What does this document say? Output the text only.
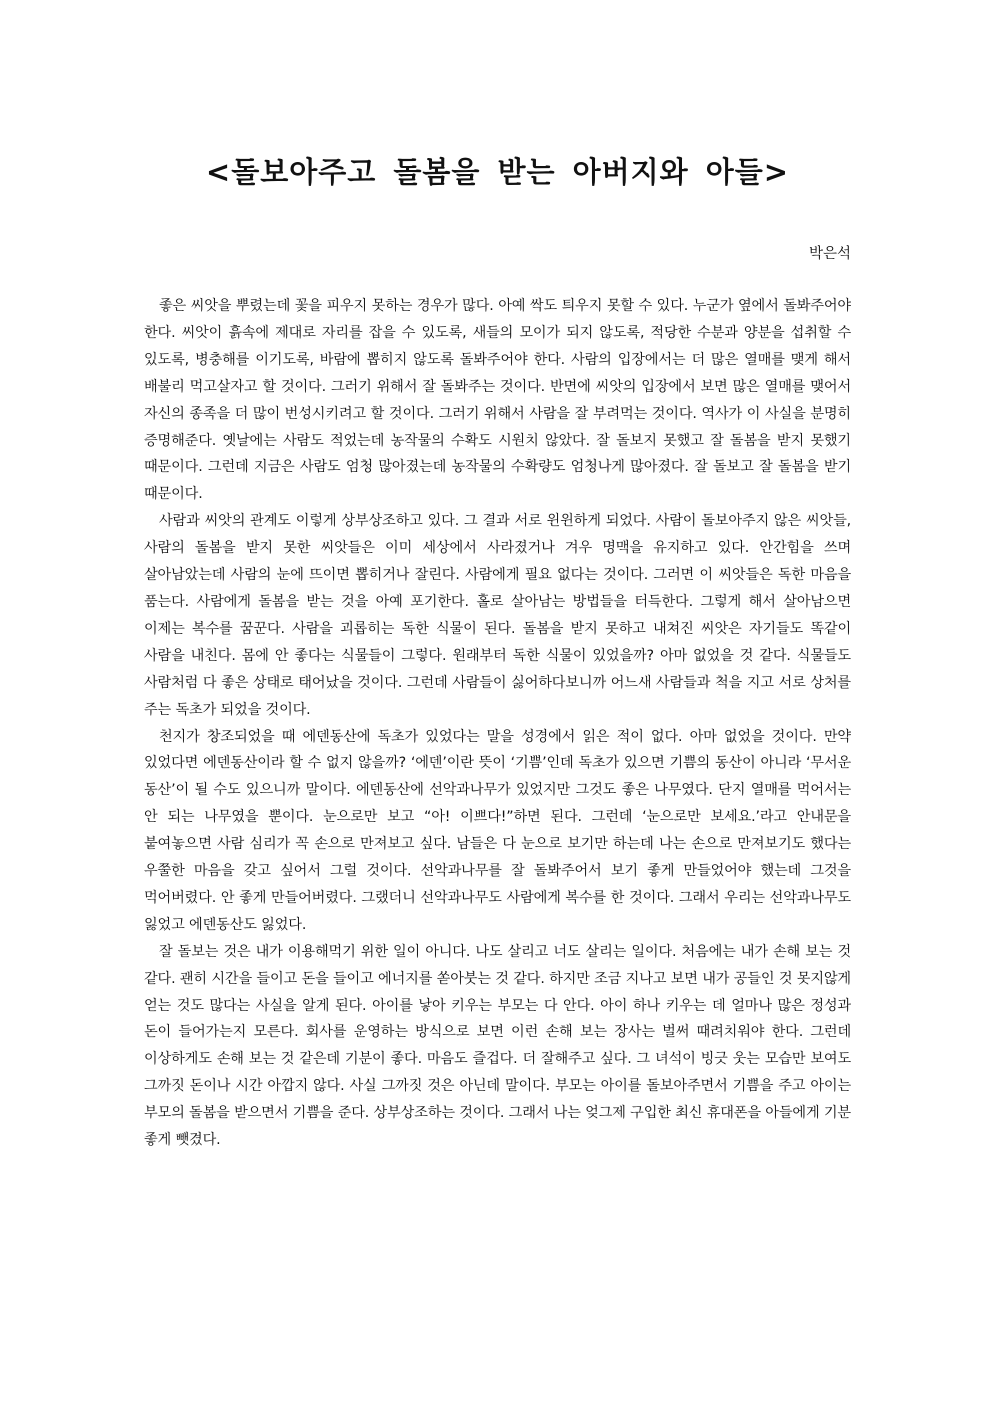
<돌보아주고 돌봄을 받는 아버지와 아들>

박은석

좋은 씨앗을 뿌렸는데 꽃을 피우지 못하는 경우가 많다. 아예 싹도 틔우지 못할 수 있다. 누군가 옆에서 돌봐주어야 한다. 씨앗이 흙속에 제대로 자리를 잡을 수 있도록, 새들의 모이가 되지 않도록, 적당한 수분과 양분을 섭취할 수 있도록, 병충해를 이기도록, 바람에 뽑히지 않도록 돌봐주어야 한다. 사람의 입장에서는 더 많은 열매를 맺게 해서 배불리 먹고살자고 할 것이다. 그러기 위해서 잘 돌봐주는 것이다. 반면에 씨앗의 입장에서 보면 많은 열매를 맺어서 자신의 종족을 더 많이 번성시키려고 할 것이다. 그러기 위해서 사람을 잘 부려먹는 것이다. 역사가 이 사실을 분명히 증명해준다. 옛날에는 사람도 적었는데 농작물의 수확도 시원치 않았다. 잘 돌보지 못했고 잘 돌봄을 받지 못했기 때문이다. 그런데 지금은 사람도 엄청 많아졌는데 농작물의 수확량도 엄청나게 많아졌다. 잘 돌보고 잘 돌봄을 받기 때문이다.

사람과 씨앗의 관계도 이렇게 상부상조하고 있다. 그 결과 서로 윈윈하게 되었다. 사람이 돌보아주지 않은 씨앗들, 사람의 돌봄을 받지 못한 씨앗들은 이미 세상에서 사라졌거나 겨우 명맥을 유지하고 있다. 안간힘을 쓰며 살아남았는데 사람의 눈에 뜨이면 뽑히거나 잘린다. 사람에게 필요 없다는 것이다. 그러면 이 씨앗들은 독한 마음을 품는다. 사람에게 돌봄을 받는 것을 아예 포기한다. 홀로 살아남는 방법들을 터득한다. 그렇게 해서 살아남으면 이제는 복수를 꿈꾼다. 사람을 괴롭히는 독한 식물이 된다. 돌봄을 받지 못하고 내쳐진 씨앗은 자기들도 똑같이 사람을 내친다. 몸에 안 좋다는 식물들이 그렇다. 원래부터 독한 식물이 있었을까? 아마 없었을 것 같다. 식물들도 사람처럼 다 좋은 상태로 태어났을 것이다. 그런데 사람들이 싫어하다보니까 어느새 사람들과 척을 지고 서로 상처를 주는 독초가 되었을 것이다.

천지가 창조되었을 때 에덴동산에 독초가 있었다는 말을 성경에서 읽은 적이 없다. 아마 없었을 것이다. 만약 있었다면 에덴동산이라 할 수 없지 않을까? ‘에덴’이란 뜻이 ‘기쁨’인데 독초가 있으면 기쁨의 동산이 아니라 ‘무서운 동산’이 될 수도 있으니까 말이다. 에덴동산에 선악과나무가 있었지만 그것도 좋은 나무였다. 단지 열매를 먹어서는 안 되는 나무였을 뿐이다. 눈으로만 보고 “아! 이쁘다!”하면 된다. 그런데 ‘눈으로만 보세요.’라고 안내문을 붙여놓으면 사람 심리가 꼭 손으로 만져보고 싶다. 남들은 다 눈으로 보기만 하는데 나는 손으로 만져보기도 했다는 우쭐한 마음을 갖고 싶어서 그럴 것이다. 선악과나무를 잘 돌봐주어서 보기 좋게 만들었어야 했는데 그것을 먹어버렸다. 안 좋게 만들어버렸다. 그랬더니 선악과나무도 사람에게 복수를 한 것이다. 그래서 우리는 선악과나무도 잃었고 에덴동산도 잃었다.

잘 돌보는 것은 내가 이용해먹기 위한 일이 아니다. 나도 살리고 너도 살리는 일이다. 처음에는 내가 손해 보는 것 같다. 괜히 시간을 들이고 돈을 들이고 에너지를 쏟아붓는 것 같다. 하지만 조금 지나고 보면 내가 공들인 것 못지않게 얻는 것도 많다는 사실을 알게 된다. 아이를 낳아 키우는 부모는 다 안다. 아이 하나 키우는 데 얼마나 많은 정성과 돈이 들어가는지 모른다. 회사를 운영하는 방식으로 보면 이런 손해 보는 장사는 벌써 때려치워야 한다. 그런데 이상하게도 손해 보는 것 같은데 기분이 좋다. 마음도 즐겁다. 더 잘해주고 싶다. 그 녀석이 빙긋 웃는 모습만 보여도 그까짓 돈이나 시간 아깝지 않다. 사실 그까짓 것은 아닌데 말이다. 부모는 아이를 돌보아주면서 기쁨을 주고 아이는 부모의 돌봄을 받으면서 기쁨을 준다. 상부상조하는 것이다. 그래서 나는 엊그제 구입한 최신 휴대폰을 아들에게 기분 좋게 뺏겼다.
